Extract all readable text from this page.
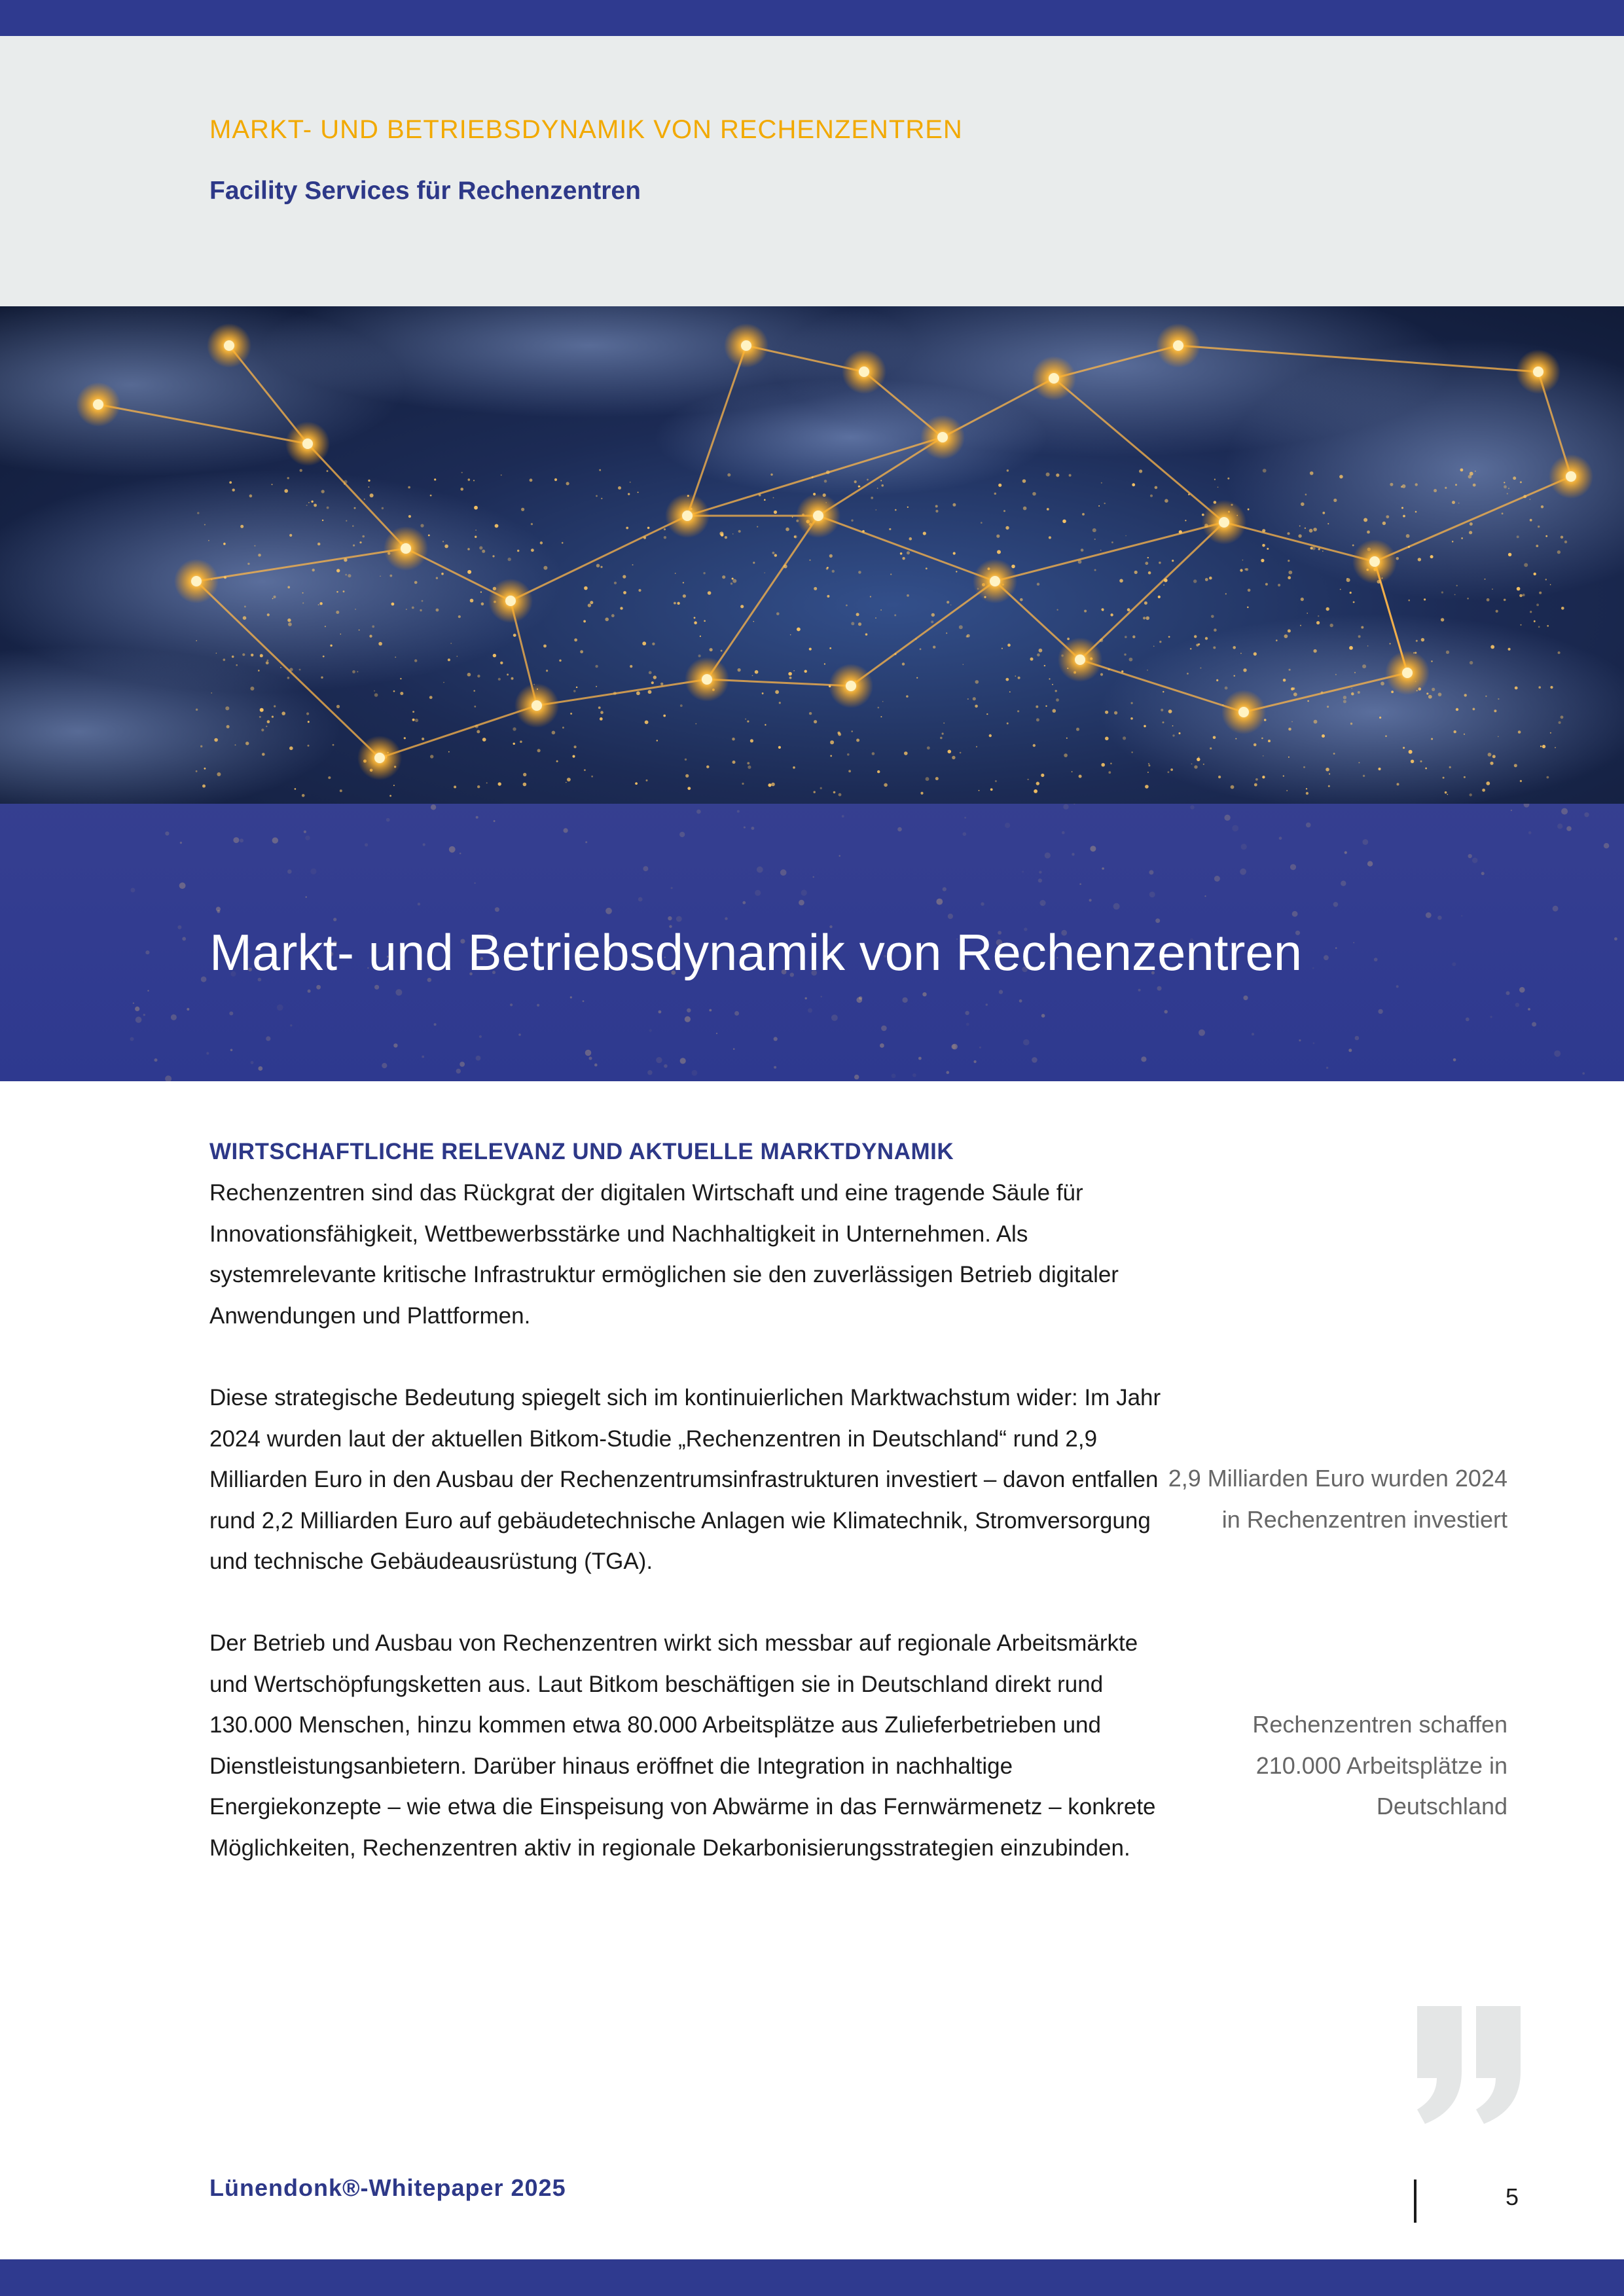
MARKT- UND BETRIEBSDYNAMIK VON RECHENZENTREN
Facility Services für Rechenzentren
Markt- und Betriebsdynamik von Rechenzentren
WIRTSCHAFTLICHE RELEVANZ UND AKTUELLE MARKTDYNAMIK

Rechenzentren sind das Rückgrat der digitalen Wirtschaft und eine tragende Säule für Innovationsfähigkeit, Wettbewerbsstärke und Nachhaltigkeit in Unternehmen. Als systemrelevante kritische Infrastruktur ermöglichen sie den zuverlässigen Betrieb digitaler Anwendungen und Plattformen.

Diese strategische Bedeutung spiegelt sich im kontinuierlichen Marktwachstum wider: Im Jahr 2024 wurden laut der aktuellen Bitkom-Studie „Rechenzentren in Deutschland“ rund 2,9 Milliarden Euro in den Ausbau der Rechenzentrumsinfrastrukturen investiert – davon entfallen rund 2,2 Milliarden Euro auf gebäudetechnische Anlagen wie Klimatechnik, Stromversorgung und technische Gebäudeausrüstung (TGA).

Der Betrieb und Ausbau von Rechenzentren wirkt sich messbar auf regionale Arbeitsmärkte und Wertschöpfungsketten aus. Laut Bitkom beschäftigen sie in Deutschland direkt rund 130.000 Menschen, hinzu kommen etwa 80.000 Arbeitsplätze aus Zulieferbetrieben und Dienstleistungsanbietern. Darüber hinaus eröffnet die Integration in nachhaltige Energiekonzepte – wie etwa die Einspeisung von Abwärme in das Fernwärmenetz – konkrete Möglichkeiten, Rechenzentren aktiv in regionale Dekarbonisierungsstrategien einzubinden.

2,9 Milliarden Euro wurden 2024 in Rechenzentren investiert
Rechenzentren schaffen 210.000 Arbeitsplätze in Deutschland
Lünendonk®-Whitepaper 2025	5
